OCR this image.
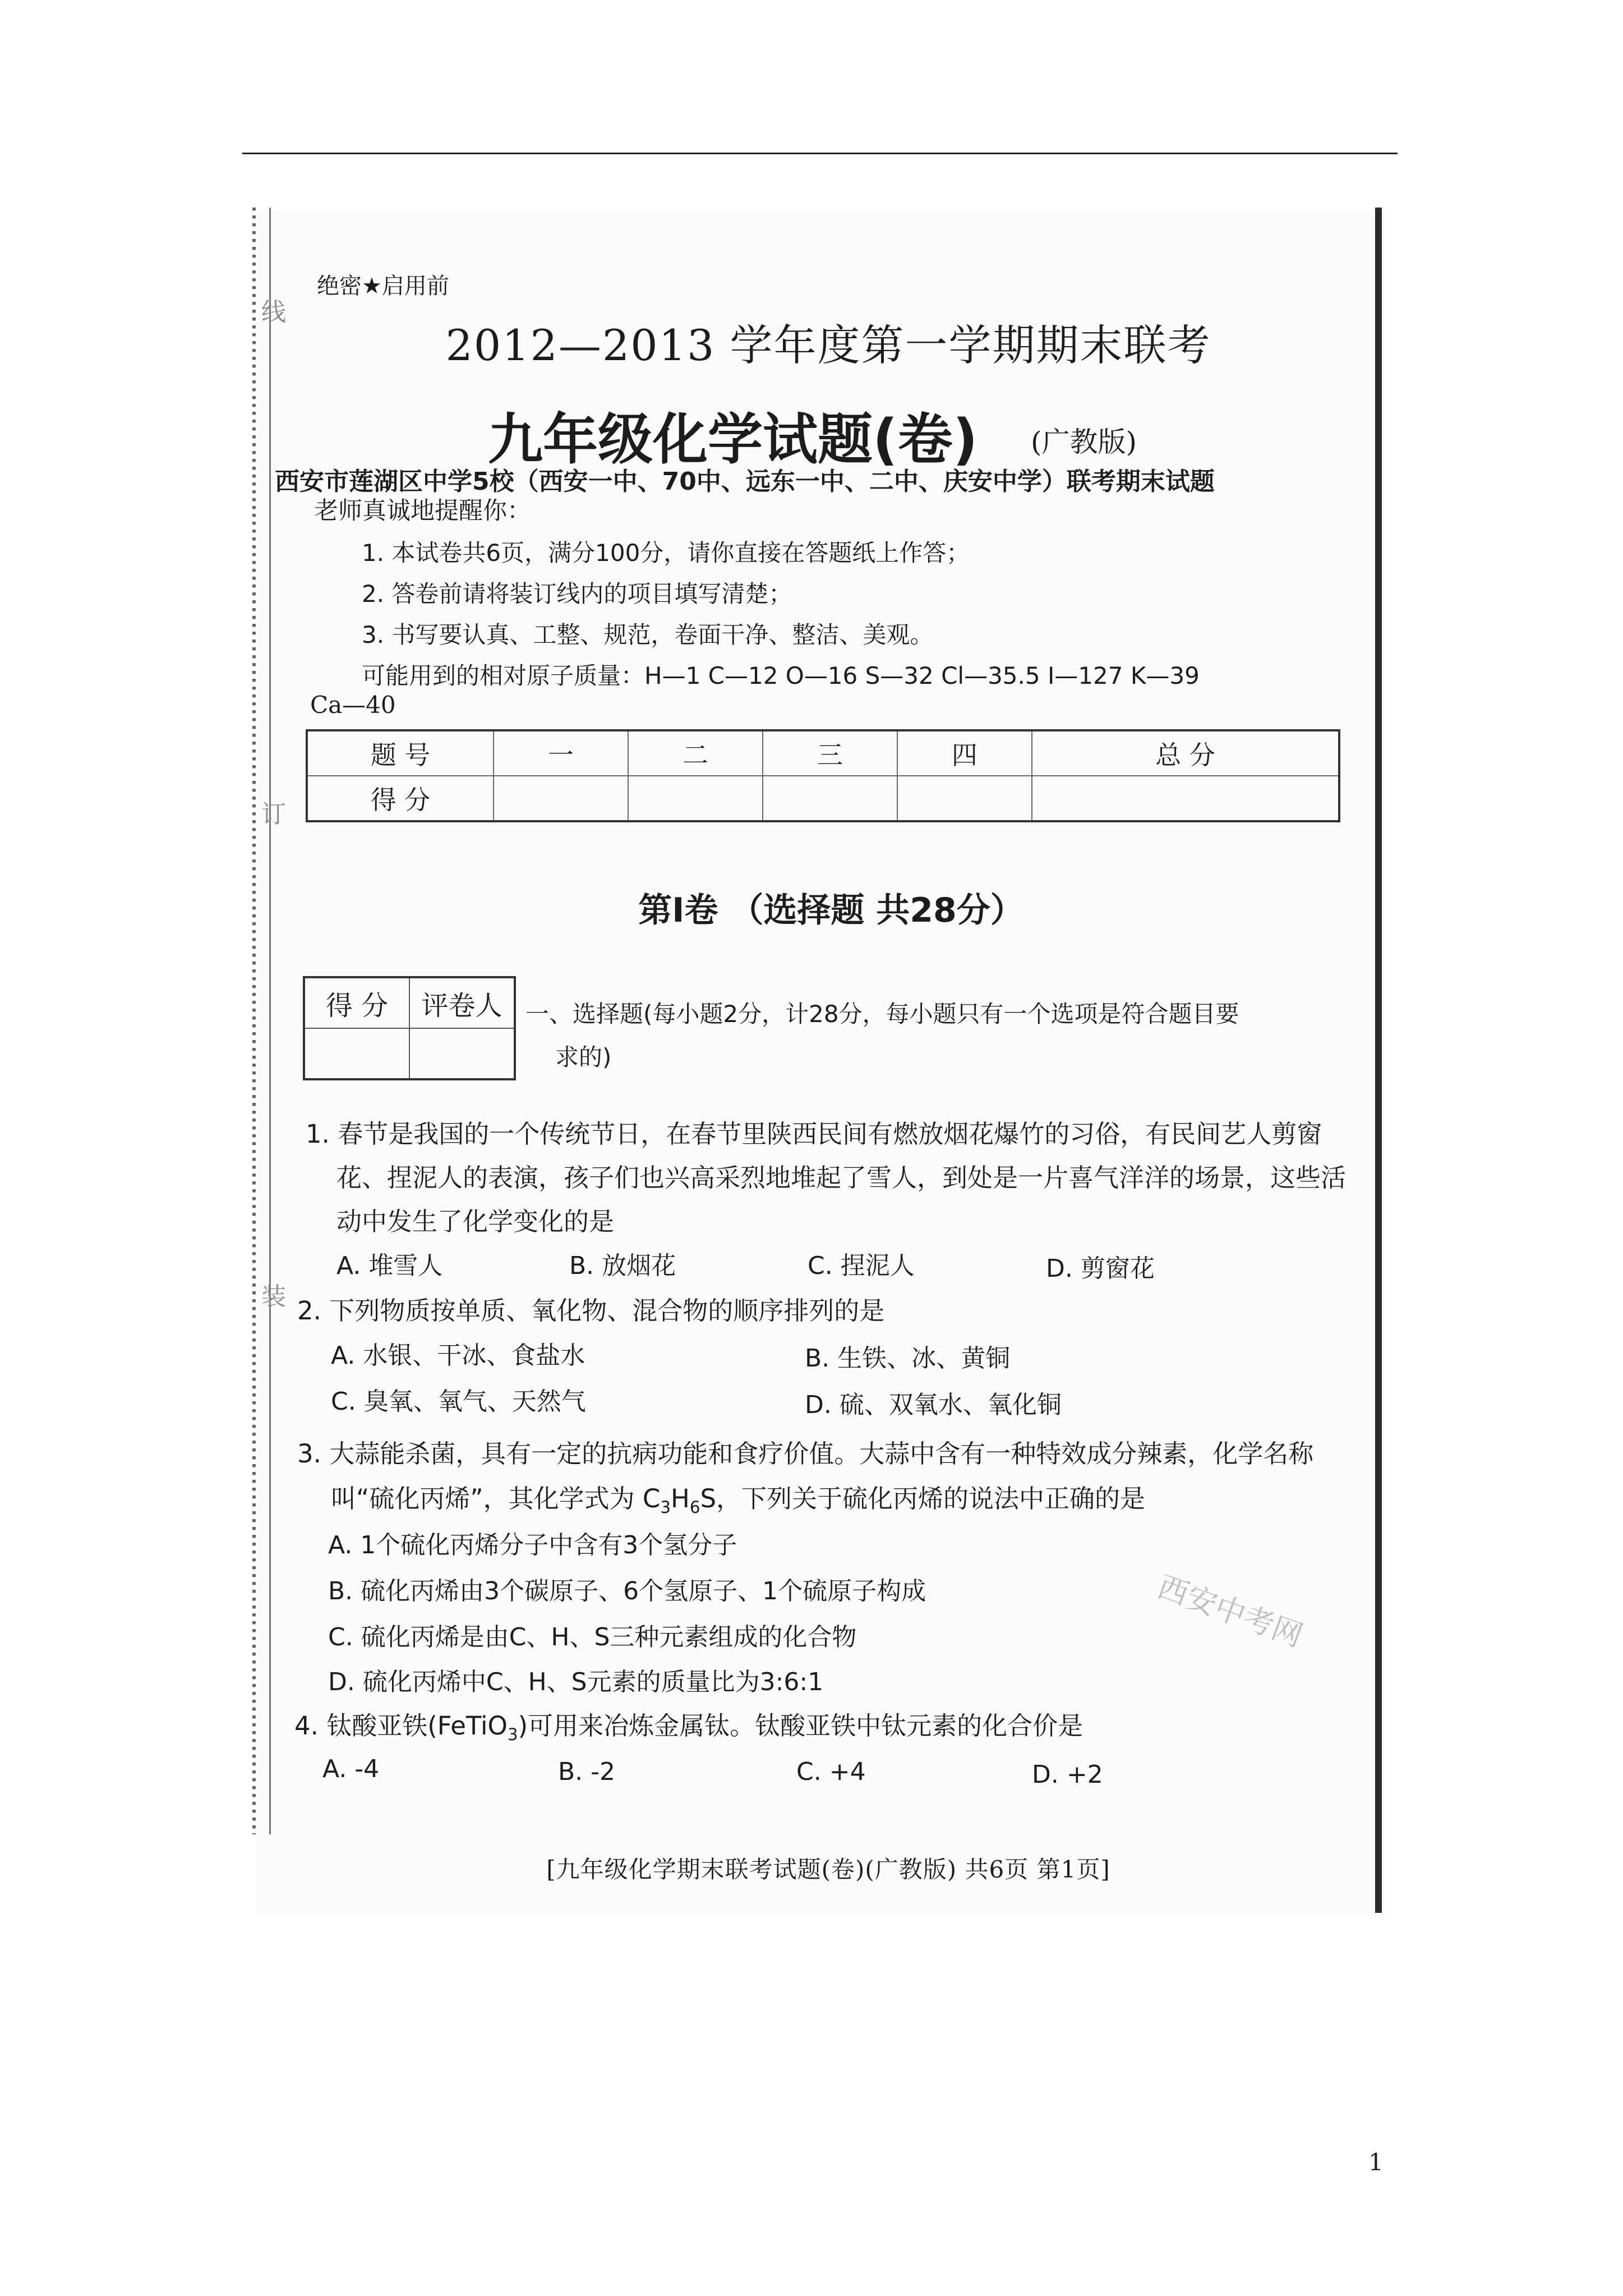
线
订
装
绝密★启用前
2012—2013 学年度第一学期期末联考
九年级化学试题(卷) (广教版)
西安市莲湖区中学5校（西安一中、70中、远东一中、二中、庆安中学）联考期末试题
老师真诚地提醒你：
1. 本试卷共6页，满分100分，请你直接在答题纸上作答；
2. 答卷前请将装订线内的项目填写清楚；
3. 书写要认真、工整、规范，卷面干净、整洁、美观。
可能用到的相对原子质量：H—1 C—12 O—16 S—32 Cl—35.5 I—127 K—39
Ca—40
题 号	一	二	三	四	总 分
得 分					
第Ⅰ卷 （选择题 共28分）
得 分	评卷人
	一、选择题(每小题2分，计28分，每小题只有一个选项是符合题目要
求的)
1. 春节是我国的一个传统节日，在春节里陕西民间有燃放烟花爆竹的习俗，有民间艺人剪窗
花、捏泥人的表演，孩子们也兴高采烈地堆起了雪人，到处是一片喜气洋洋的场景，这些活
动中发生了化学变化的是
A. 堆雪人	B. 放烟花	C. 捏泥人	D. 剪窗花
2. 下列物质按单质、氧化物、混合物的顺序排列的是
A. 水银、干冰、食盐水	B. 生铁、冰、黄铜
C. 臭氧、氧气、天然气	D. 硫、双氧水、氧化铜
3. 大蒜能杀菌，具有一定的抗病功能和食疗价值。大蒜中含有一种特效成分辣素，化学名称
叫“硫化丙烯”，其化学式为 $C_3H_6S$，下列关于硫化丙烯的说法中正确的是
A. 1个硫化丙烯分子中含有3个氢分子
B. 硫化丙烯由3个碳原子、6个氢原子、1个硫原子构成
C. 硫化丙烯是由C、H、S三种元素组成的化合物
D. 硫化丙烯中C、H、S元素的质量比为3:6:1
4. 钛酸亚铁(FeTiO$_3$)可用来冶炼金属钛。钛酸亚铁中钛元素的化合价是
A. -4	B. -2	C. +4	D. +2
西安中考网
[九年级化学期末联考试题(卷)(广教版) 共6页 第1页]
1
